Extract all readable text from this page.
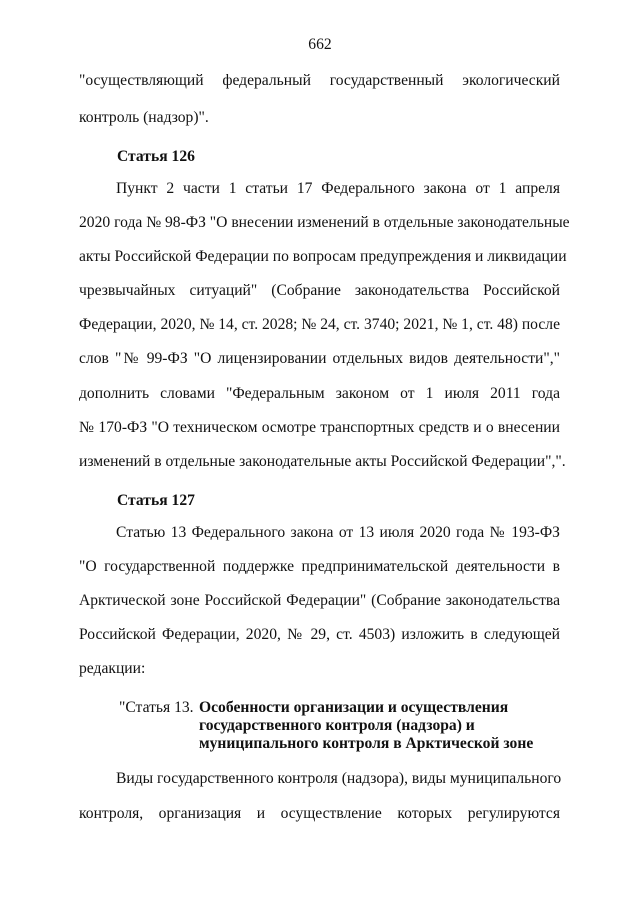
662
"осуществляющий федеральный государственный экологический
контроль (надзор)".
Статья 126
Пункт 2 части 1 статьи 17 Федерального закона от 1 апреля
2020 года № 98-ФЗ "О внесении изменений в отдельные законодательные
акты Российской Федерации по вопросам предупреждения и ликвидации
чрезвычайных ситуаций" (Собрание законодательства Российской
Федерации, 2020, № 14, ст. 2028; № 24, ст. 3740; 2021, № 1, ст. 48) после
слов "№ 99-ФЗ "О лицензировании отдельных видов деятельности","
дополнить словами "Федеральным законом от 1 июля 2011 года
№ 170-ФЗ "О техническом осмотре транспортных средств и о внесении
изменений в отдельные законодательные акты Российской Федерации",".
Статья 127
Статью 13 Федерального закона от 13 июля 2020 года № 193-ФЗ
"О государственной поддержке предпринимательской деятельности в
Арктической зоне Российской Федерации" (Собрание законодательства
Российской Федерации, 2020, № 29, ст. 4503) изложить в следующей
редакции:
"Статья 13. Особенности организации и осуществления
государственного контроля (надзора) и
муниципального контроля в Арктической зоне
Виды государственного контроля (надзора), виды муниципального
контроля, организация и осуществление которых регулируются
